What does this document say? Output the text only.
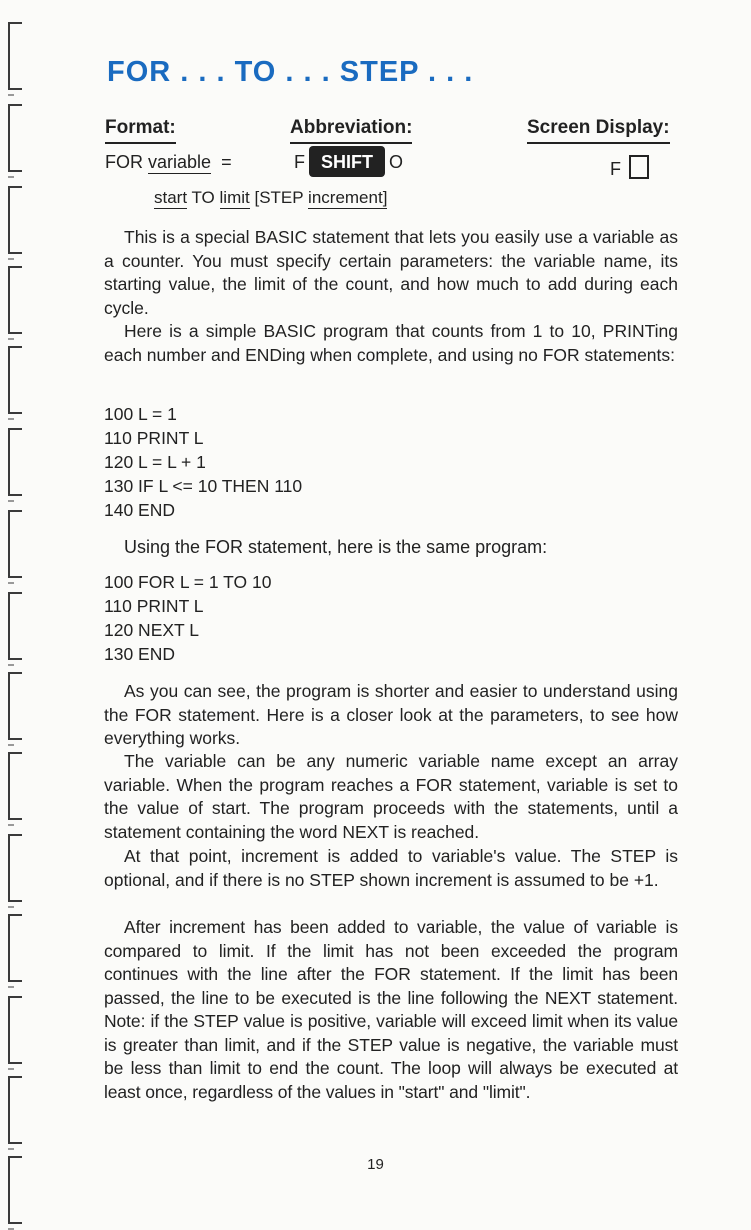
FOR . . . TO . . . STEP . . .
Format:	Abbreviation:	Screen Display:
FOR variable =	F SHIFT O	F
start TO limit [STEP increment]

This is a special BASIC statement that lets you easily use a variable as a counter. You must specify certain parameters: the variable name, its starting value, the limit of the count, and how much to add during each cycle.

Here is a simple BASIC program that counts from 1 to 10, PRINTing each number and ENDing when complete, and using no FOR statements:

100 L = 1
110 PRINT L
120 L = L + 1
130 IF L <= 10 THEN 110
140 END

Using the FOR statement, here is the same program:

100 FOR L = 1 TO 10
110 PRINT L
120 NEXT L
130 END

As you can see, the program is shorter and easier to understand using the FOR statement. Here is a closer look at the parameters, to see how everything works.

The variable can be any numeric variable name except an array variable. When the program reaches a FOR statement, variable is set to the value of start. The program proceeds with the statements, until a statement containing the word NEXT is reached.

At that point, increment is added to variable's value. The STEP is optional, and if there is no STEP shown increment is assumed to be +1.

After increment has been added to variable, the value of variable is compared to limit. If the limit has not been exceeded the program continues with the line after the FOR statement. If the limit has been passed, the line to be executed is the line following the NEXT statement. Note: if the STEP value is positive, variable will exceed limit when its value is greater than limit, and if the STEP value is negative, the variable must be less than limit to end the count. The loop will always be executed at least once, regardless of the values in "start" and "limit".

19
